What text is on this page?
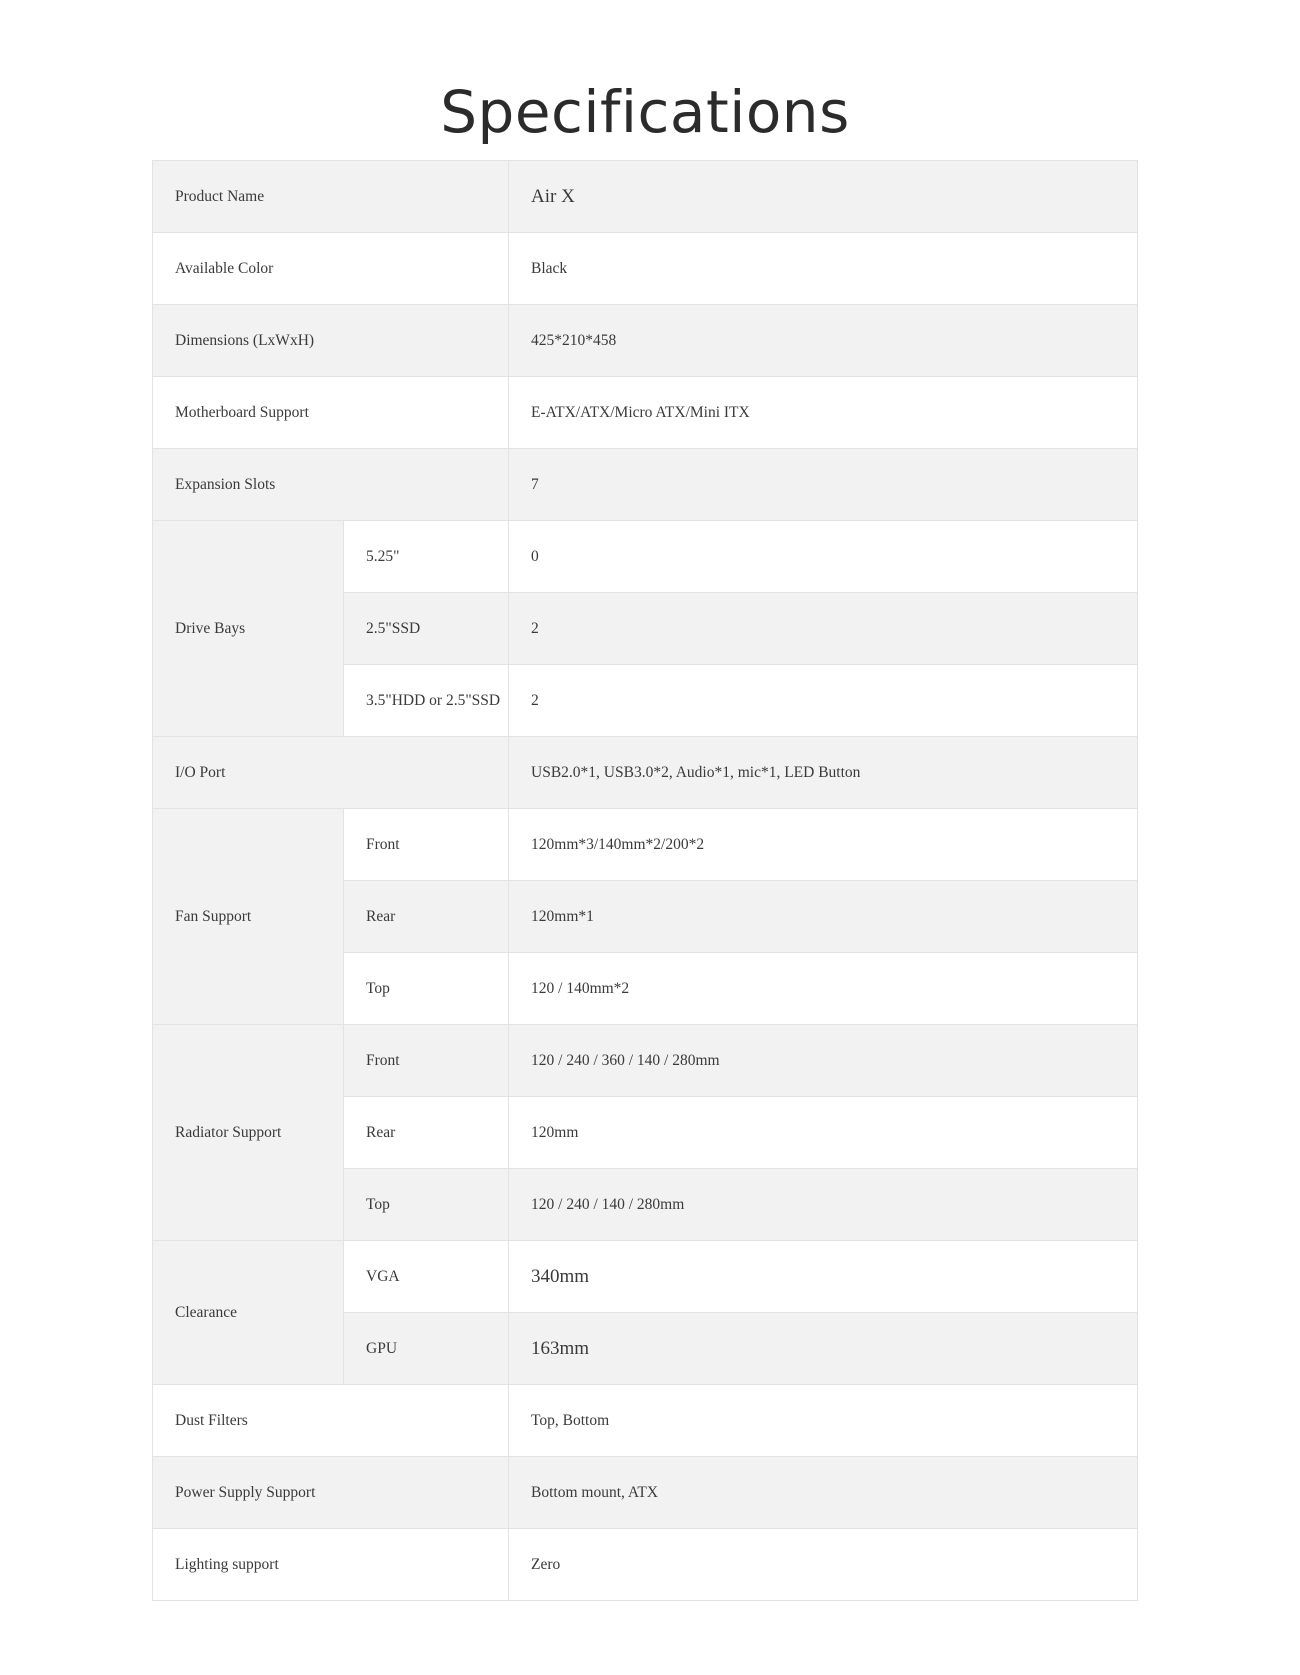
Specifications
Product Name		Air X
Available Color		Black
Dimensions (LxWxH)		425*210*458
Motherboard Support		E-ATX/ATX/Micro ATX/Mini ITX
Expansion Slots		7
Drive Bays	5.25"	0
	2.5"SSD	2
	3.5"HDD or 2.5"SSD	2
I/O Port		USB2.0*1, USB3.0*2, Audio*1, mic*1, LED Button
Fan Support	Front	120mm*3/140mm*2/200*2
	Rear	120mm*1
	Top	120 / 140mm*2
Radiator Support	Front	120 / 240 / 360 / 140 / 280mm
	Rear	120mm
	Top	120 / 240 / 140 / 280mm
Clearance	VGA	340mm
	GPU	163mm
Dust Filters		Top, Bottom
Power Supply Support		Bottom mount, ATX
Lighting support		Zero
